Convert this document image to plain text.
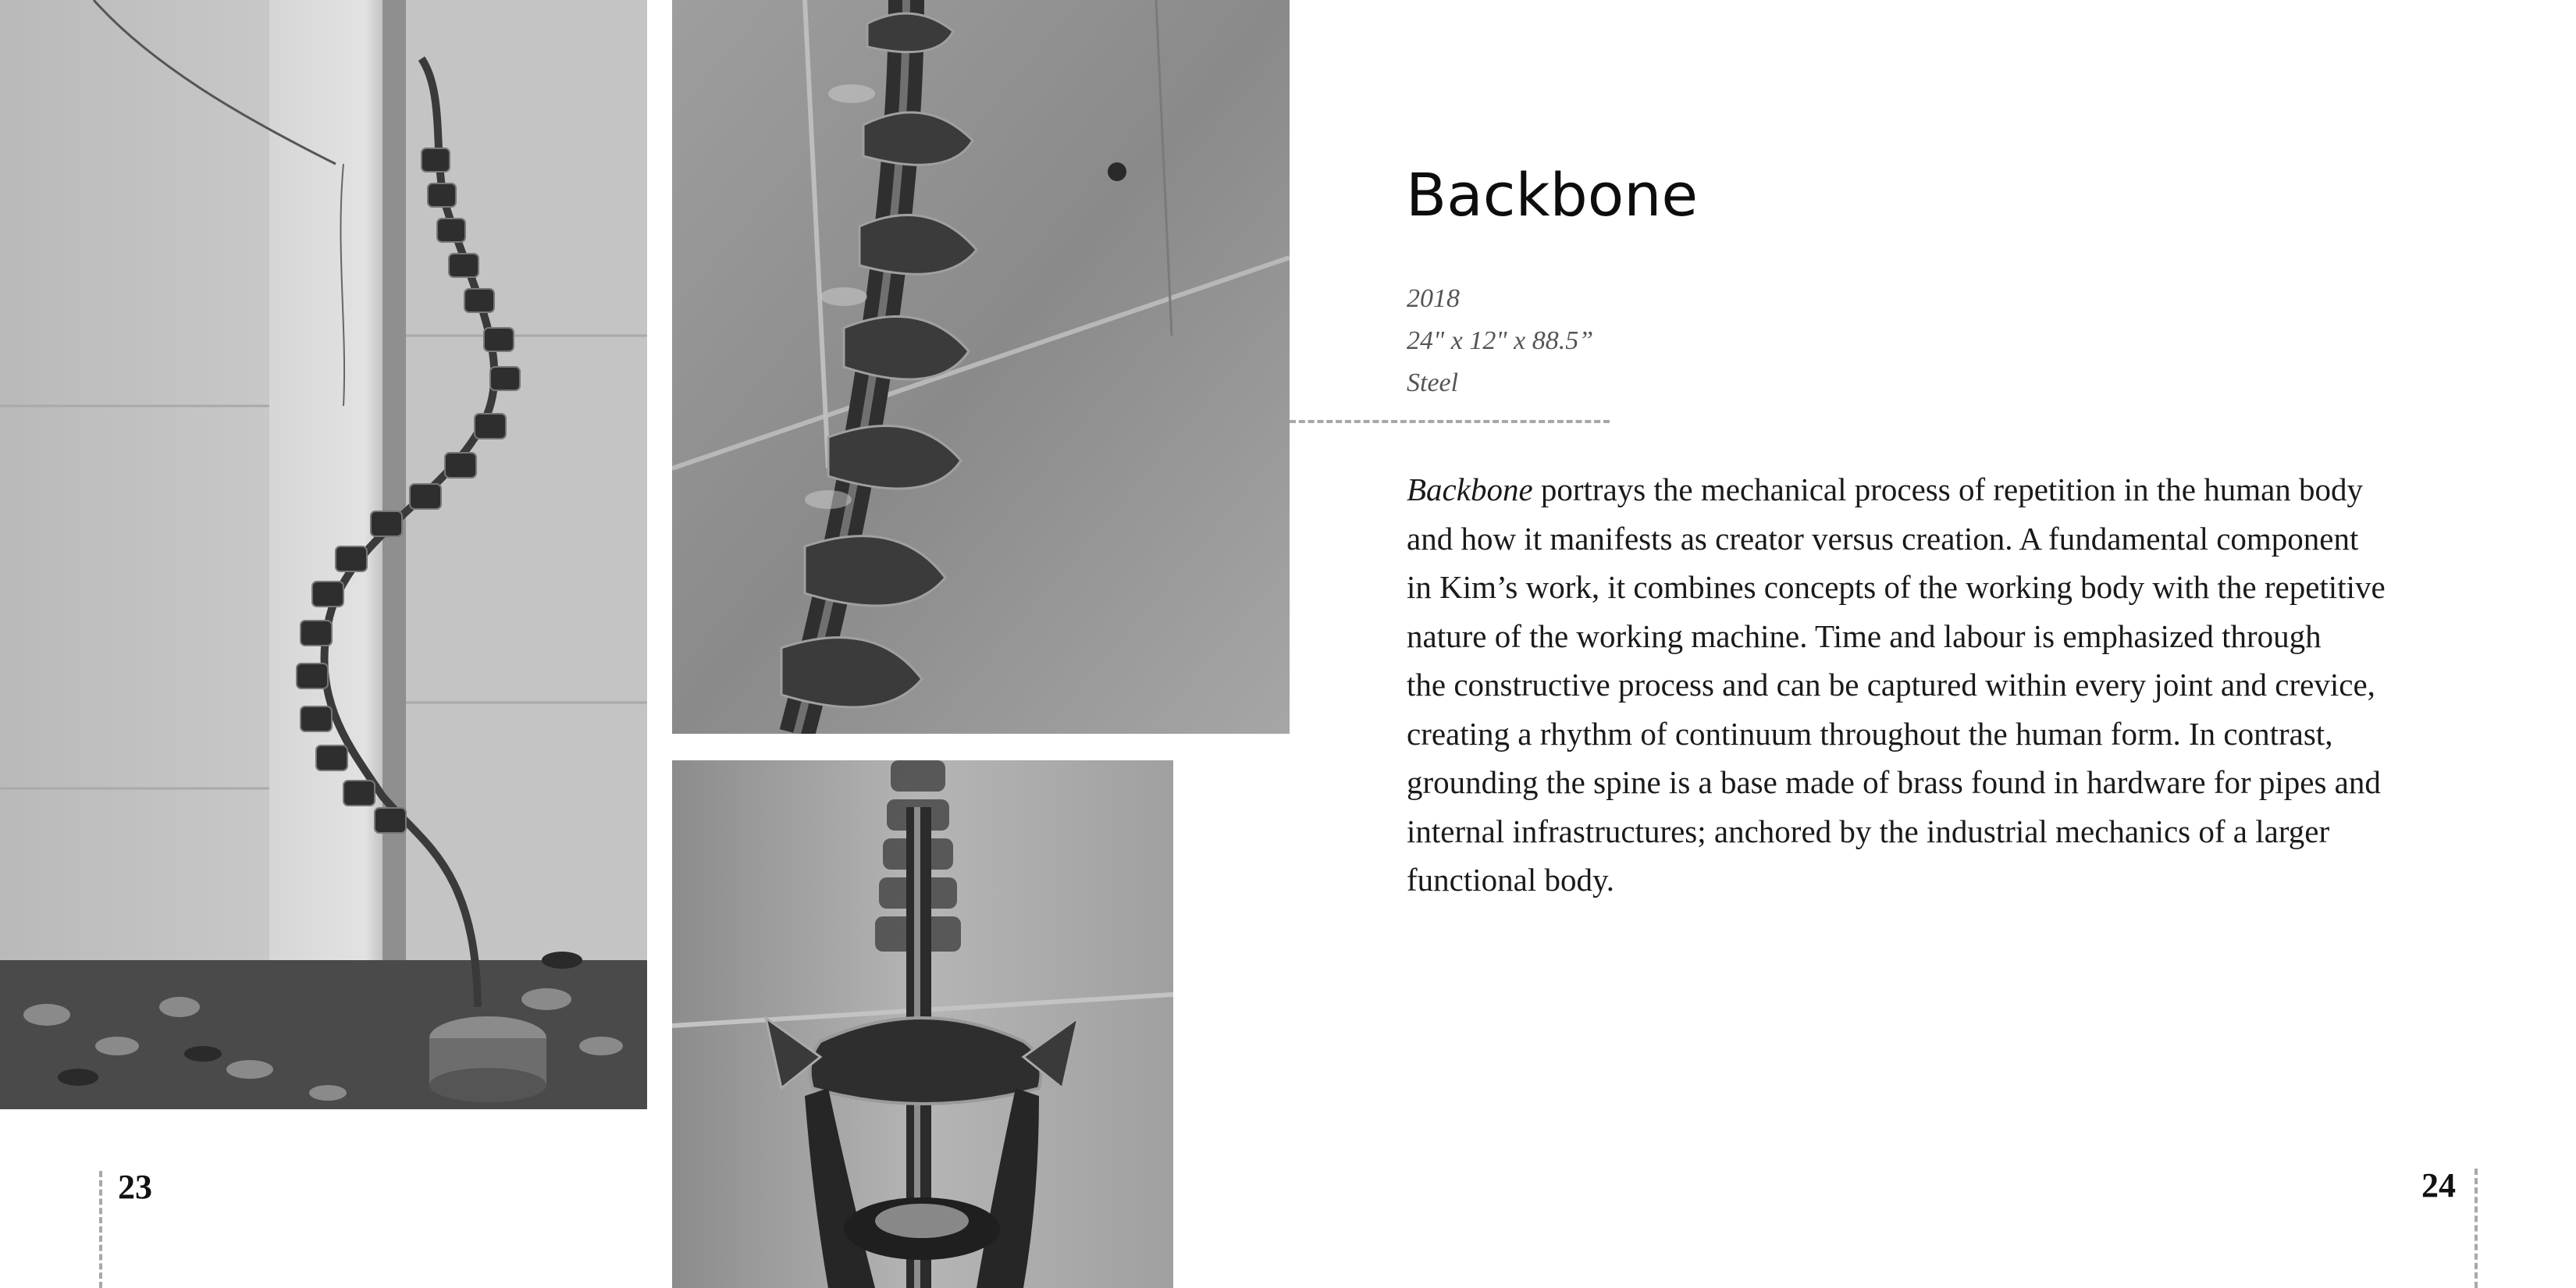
23	24
Backbone
2018
24" x 12" x 88.5”
Steel
Backbone portrays the mechanical process of repetition in the human body
and how it manifests as creator versus creation. A fundamental component
in Kim’s work, it combines concepts of the working body with the repetitive
nature of the working machine. Time and labour is emphasized through
the constructive process and can be captured within every joint and crevice,
creating a rhythm of continuum throughout the human form. In contrast,
grounding the spine is a base made of brass found in hardware for pipes and
internal infrastructures; anchored by the industrial mechanics of a larger
functional body.
